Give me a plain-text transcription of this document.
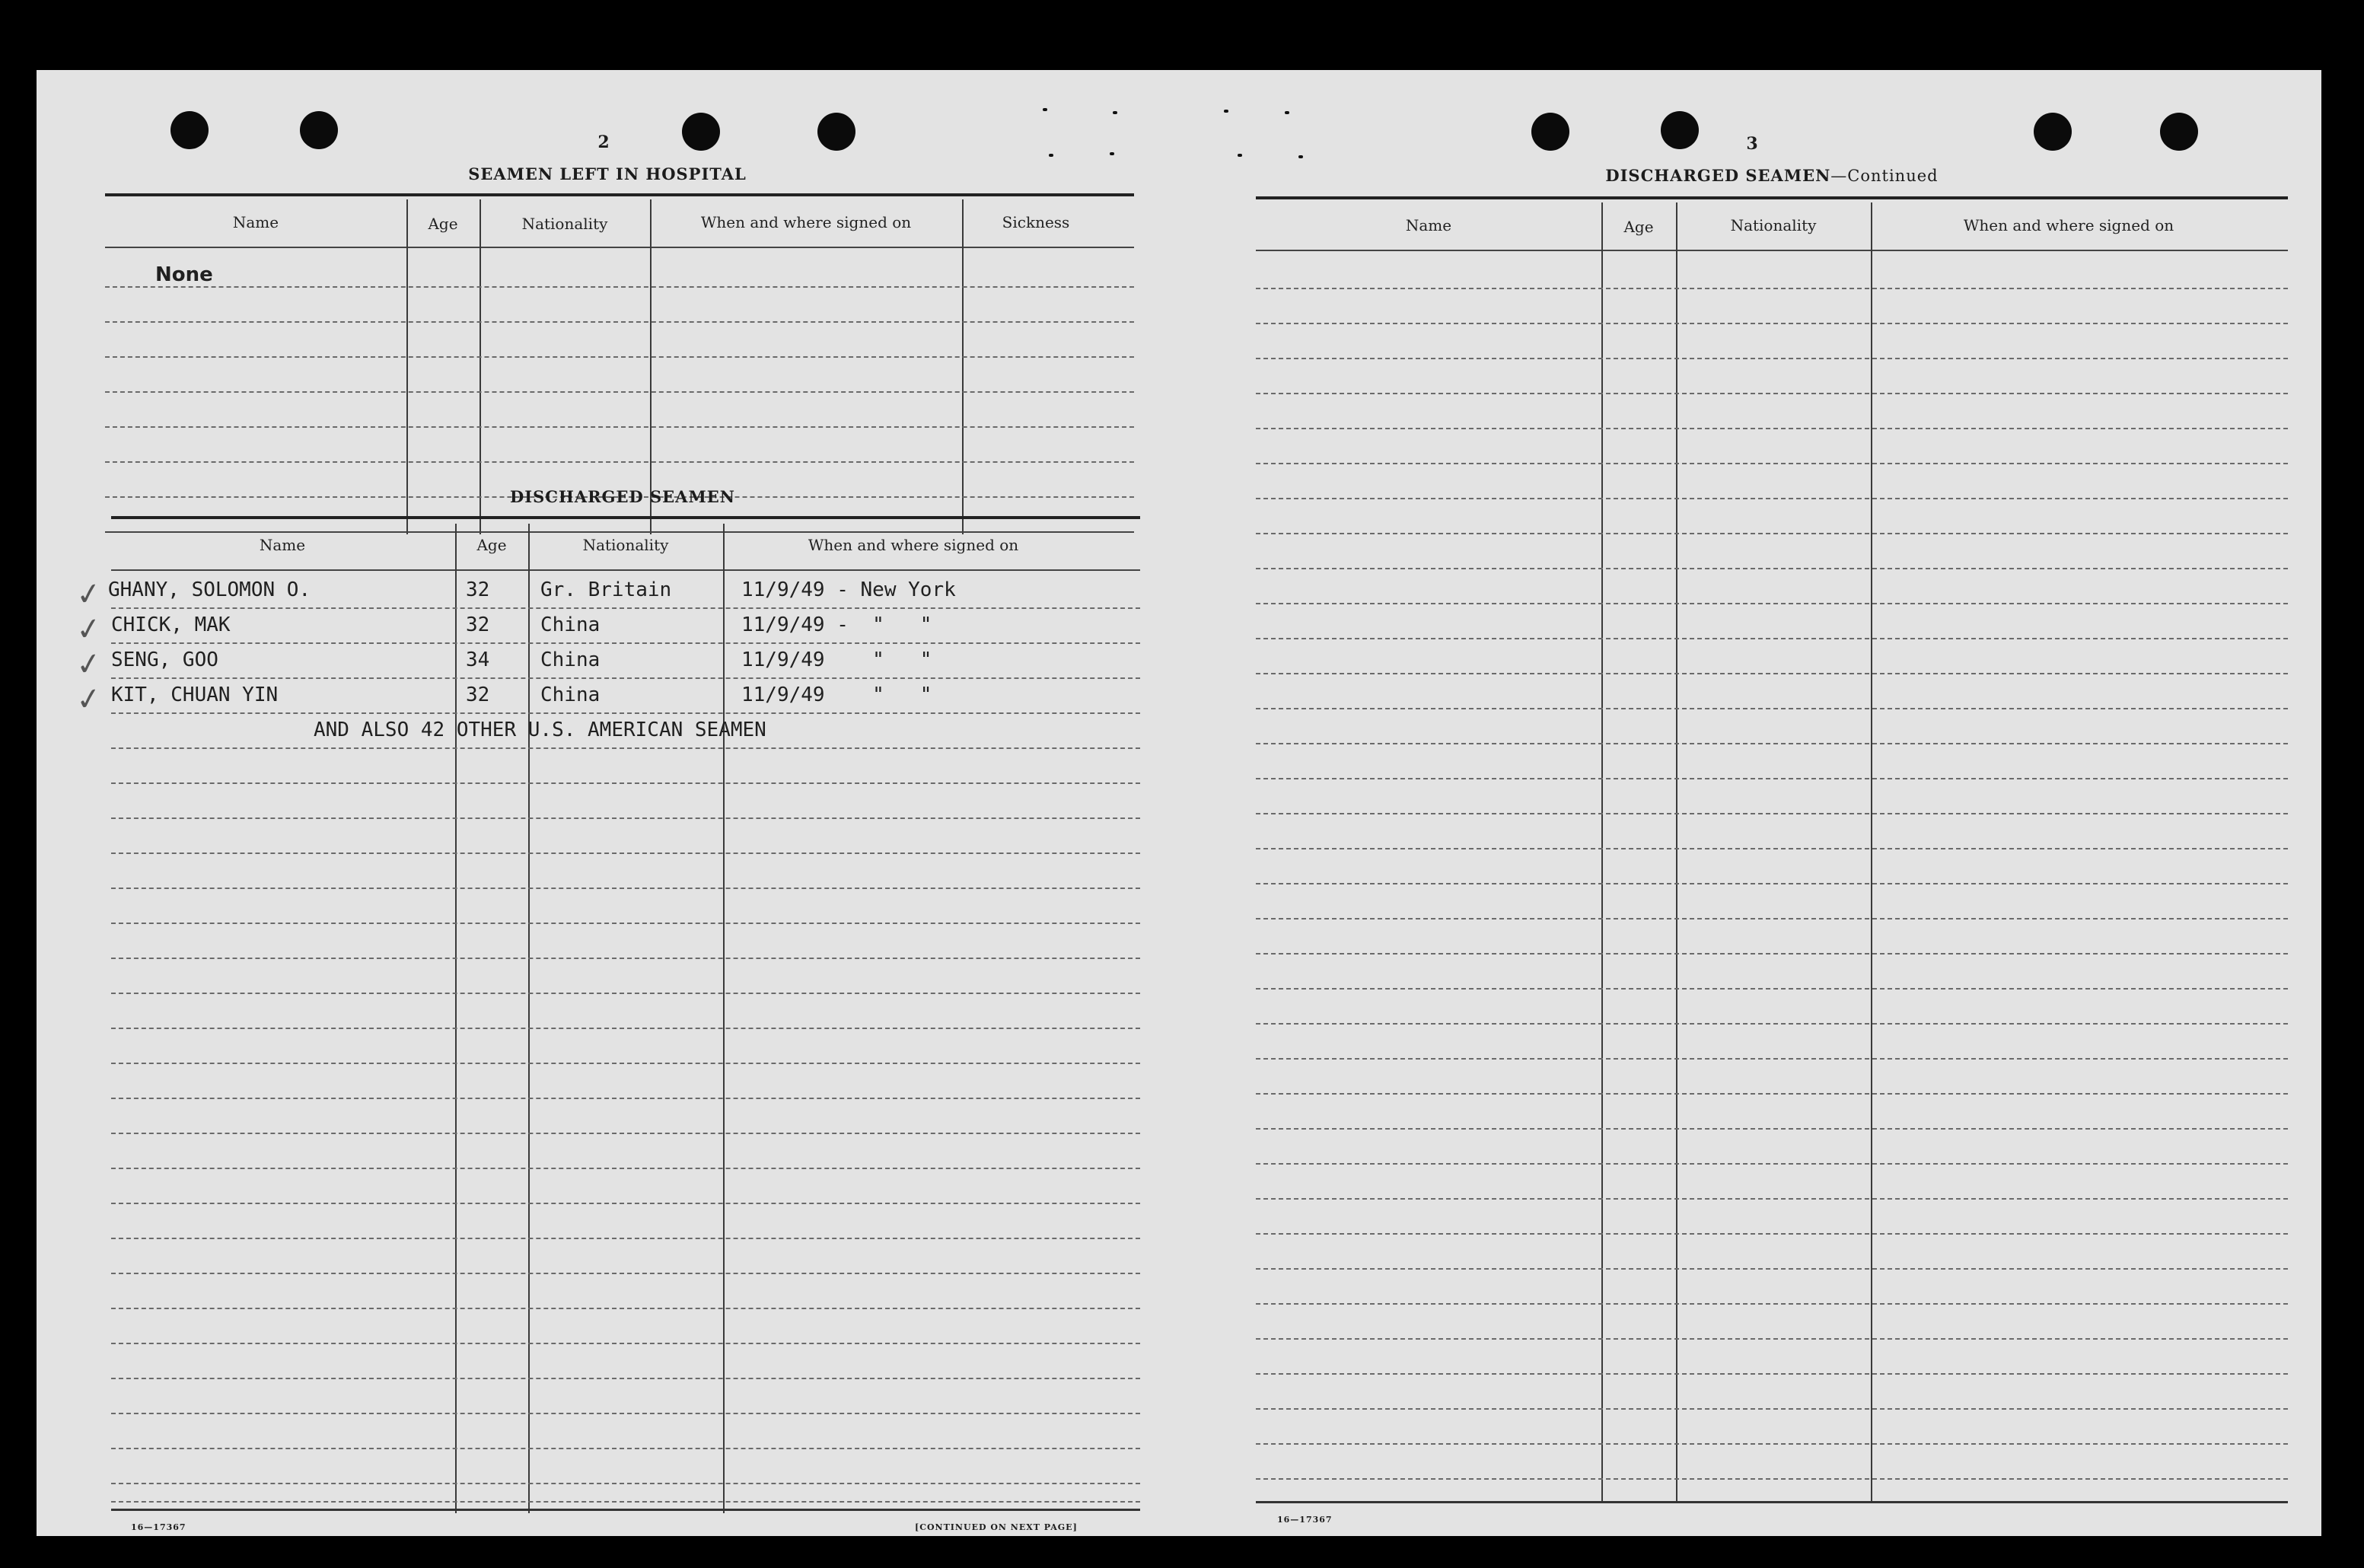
2
SEAMEN LEFT IN HOSPITAL
Name	Age	Nationality	When and where signed on	Sickness
None
DISCHARGED SEAMEN
Name	Age	Nationality	When and where signed on
✓
✓
✓
✓
GHANY, SOLOMON O.	32	Gr. Britain	11/9/49 - New York
CHICK, MAK	32	China	11/9/49 -  "   "
SENG, GOO	34	China	11/9/49    "   "
KIT, CHUAN YIN	32	China	11/9/49    "   "
AND ALSO 42 OTHER U.S. AMERICAN SEAMEN
16—17367	[CONTINUED ON NEXT PAGE]
3
DISCHARGED SEAMEN—Continued
Name	Age	Nationality	When and where signed on
16—17367
